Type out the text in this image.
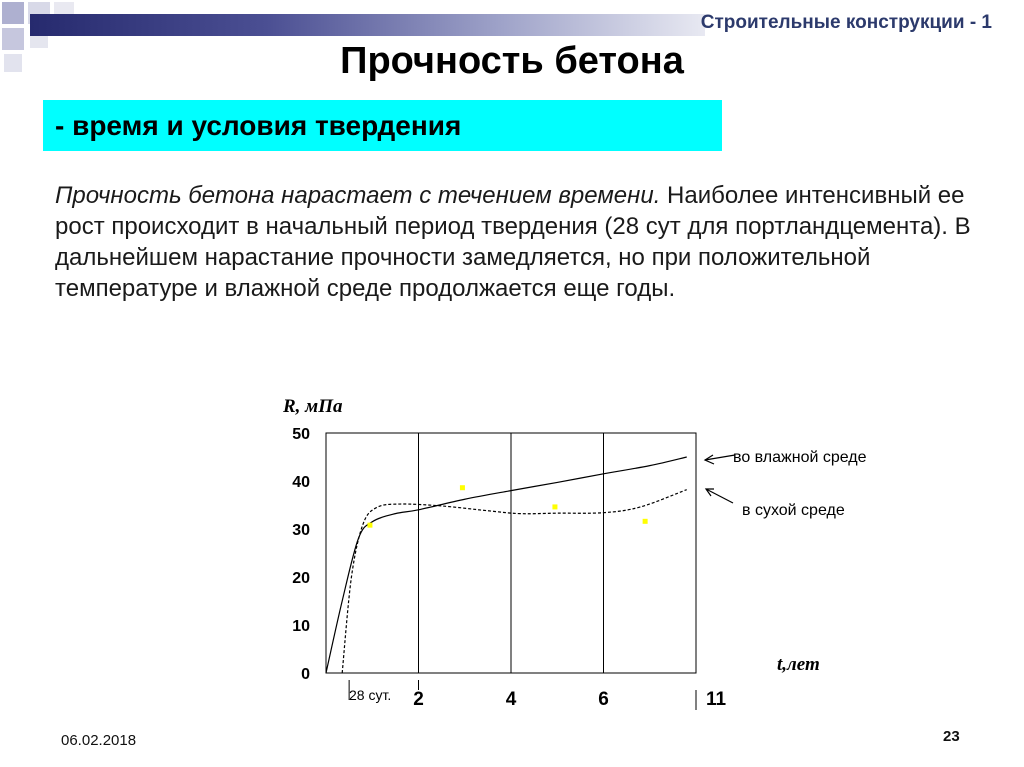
Строительные конструкции - 1
Прочность бетона
- время и условия твердения
Прочность бетона нарастает с течением времени. Наиболее интенсивный ее рост происходит в начальный период твердения (28 сут для портландцемента). В дальнейшем нарастание прочности замедляется, но при положительной температуре и влажной среде продолжается еще годы.
0
10
20
30
40
50
2	4	6	11
28 сут.
R, мПа
t,лет
во влажной среде
в сухой среде
06.02.2018	23
